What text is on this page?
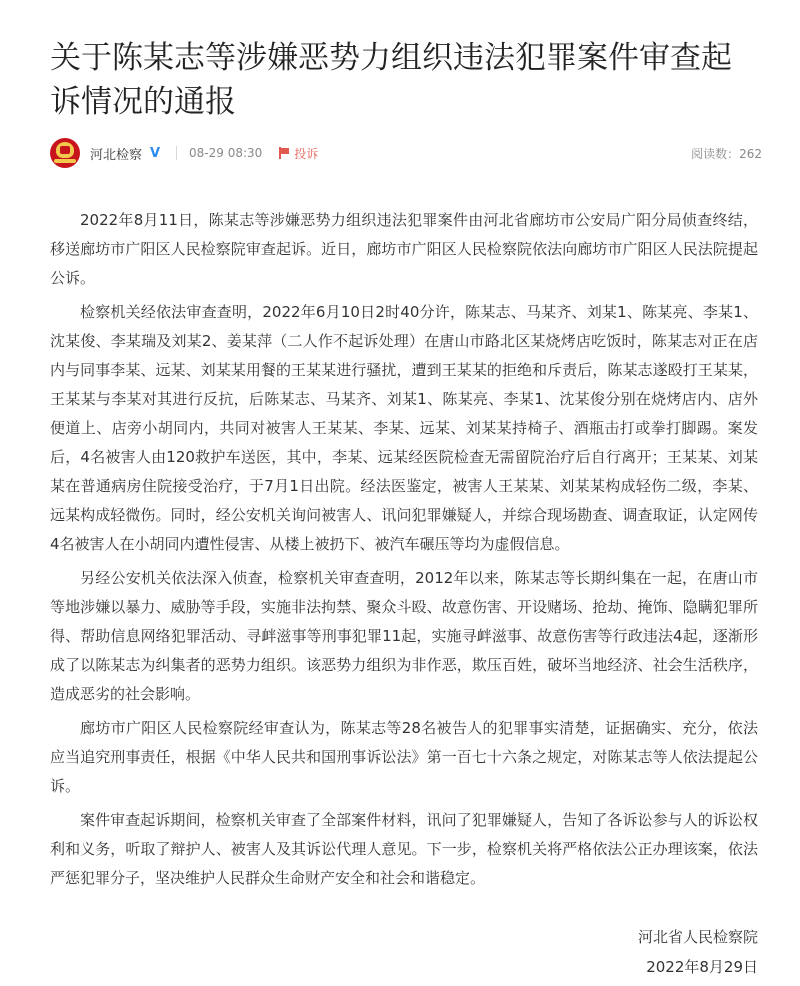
关于陈某志等涉嫌恶势力组织违法犯罪案件审查起诉情况的通报
河北检察 V 08-29 08:30	投诉	阅读数：262

2022年8月11日，陈某志等涉嫌恶势力组织违法犯罪案件由河北省廊坊市公安局广阳分局侦查终结，移送廊坊市广阳区人民检察院审查起诉。近日，廊坊市广阳区人民检察院依法向廊坊市广阳区人民法院提起公诉。

检察机关经依法审查查明，2022年6月10日2时40分许，陈某志、马某齐、刘某1、陈某亮、李某1、沈某俊、李某瑞及刘某2、姜某萍（二人作不起诉处理）在唐山市路北区某烧烤店吃饭时，陈某志对正在店内与同事李某、远某、刘某某用餐的王某某进行骚扰，遭到王某某的拒绝和斥责后，陈某志遂殴打王某某，王某某与李某对其进行反抗，后陈某志、马某齐、刘某1、陈某亮、李某1、沈某俊分别在烧烤店内、店外便道上、店旁小胡同内，共同对被害人王某某、李某、远某、刘某某持椅子、酒瓶击打或拳打脚踢。案发后，4名被害人由120救护车送医，其中，李某、远某经医院检查无需留院治疗后自行离开；王某某、刘某某在普通病房住院接受治疗，于7月1日出院。经法医鉴定，被害人王某某、刘某某构成轻伤二级，李某、远某构成轻微伤。同时，经公安机关询问被害人、讯问犯罪嫌疑人，并综合现场勘查、调查取证，认定网传4名被害人在小胡同内遭性侵害、从楼上被扔下、被汽车碾压等均为虚假信息。

另经公安机关依法深入侦查，检察机关审查查明，2012年以来，陈某志等长期纠集在一起，在唐山市等地涉嫌以暴力、威胁等手段，实施非法拘禁、聚众斗殴、故意伤害、开设赌场、抢劫、掩饰、隐瞒犯罪所得、帮助信息网络犯罪活动、寻衅滋事等刑事犯罪11起，实施寻衅滋事、故意伤害等行政违法4起，逐渐形成了以陈某志为纠集者的恶势力组织。该恶势力组织为非作恶，欺压百姓，破坏当地经济、社会生活秩序，造成恶劣的社会影响。

廊坊市广阳区人民检察院经审查认为，陈某志等28名被告人的犯罪事实清楚，证据确实、充分，依法应当追究刑事责任，根据《中华人民共和国刑事诉讼法》第一百七十六条之规定，对陈某志等人依法提起公诉。

案件审查起诉期间，检察机关审查了全部案件材料，讯问了犯罪嫌疑人，告知了各诉讼参与人的诉讼权利和义务，听取了辩护人、被害人及其诉讼代理人意见。下一步，检察机关将严格依法公正办理该案，依法严惩犯罪分子，坚决维护人民群众生命财产安全和社会和谐稳定。

河北省人民检察院
2022年8月29日
